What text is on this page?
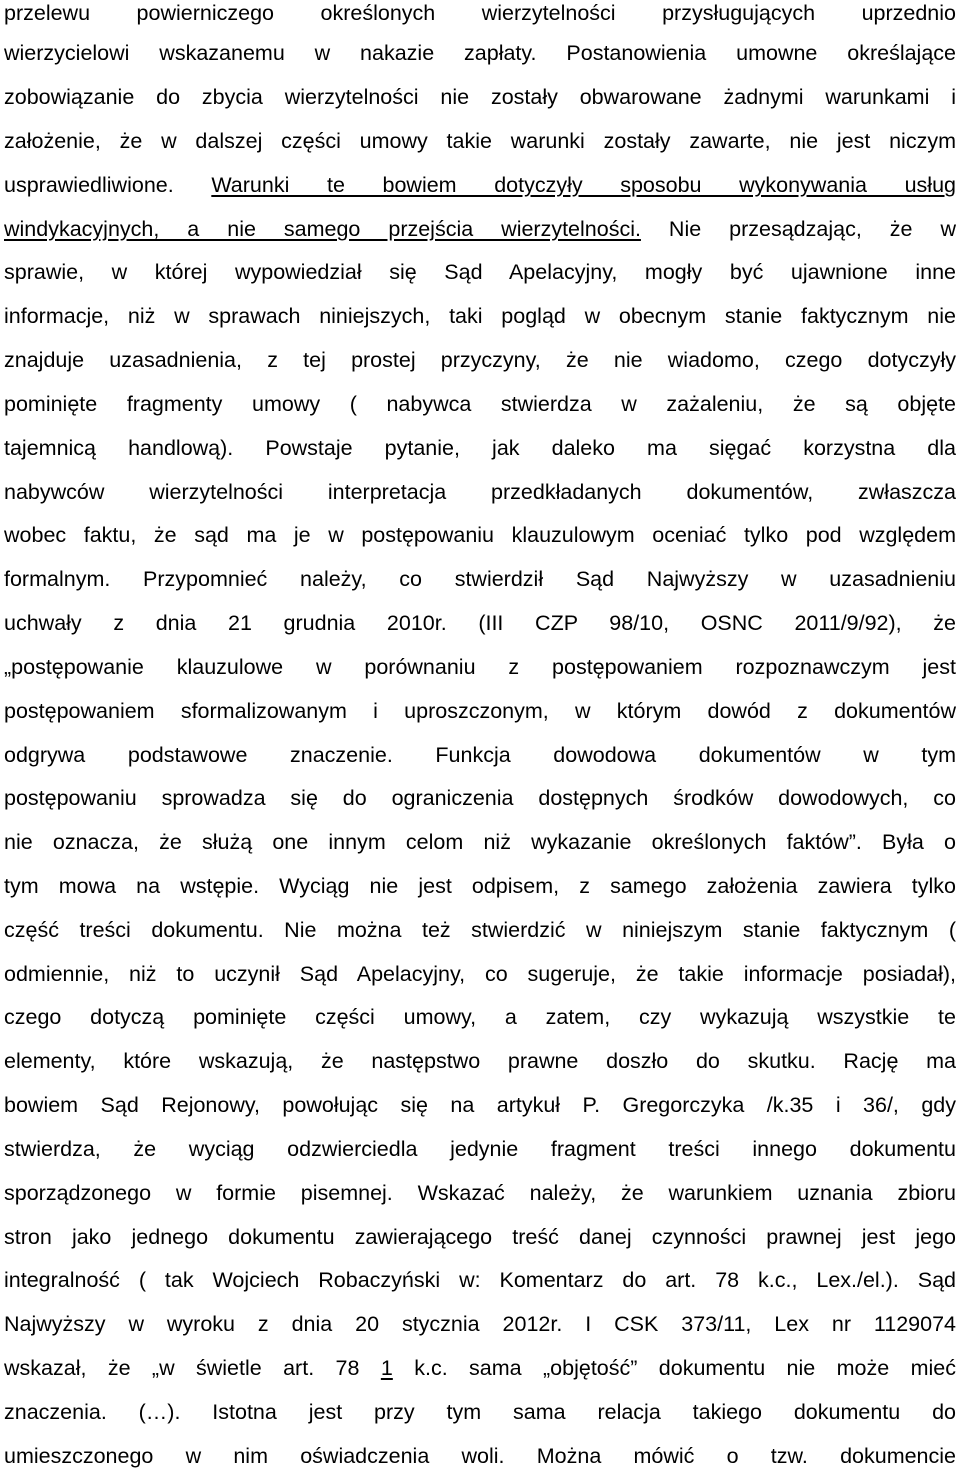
przelewu powierniczego określonych wierzytelności przysługujących uprzednio
wierzycielowi wskazanemu w nakazie zapłaty. Postanowienia umowne określające
zobowiązanie do zbycia wierzytelności nie zostały obwarowane żadnymi warunkami i
założenie, że w dalszej części umowy takie warunki zostały zawarte, nie jest niczym
usprawiedliwione. Warunki te bowiem dotyczyły sposobu wykonywania usług
windykacyjnych, a nie samego przejścia wierzytelności. Nie przesądzając, że w
sprawie, w której wypowiedział się Sąd Apelacyjny, mogły być ujawnione inne
informacje, niż w sprawach niniejszych, taki pogląd w obecnym stanie faktycznym nie
znajduje uzasadnienia, z tej prostej przyczyny, że nie wiadomo, czego dotyczyły
pominięte fragmenty umowy ( nabywca stwierdza w zażaleniu, że są objęte
tajemnicą handlową). Powstaje pytanie, jak daleko ma sięgać korzystna dla
nabywców wierzytelności interpretacja przedkładanych dokumentów, zwłaszcza
wobec faktu, że sąd ma je w postępowaniu klauzulowym oceniać tylko pod względem
formalnym. Przypomnieć należy, co stwierdził Sąd Najwyższy w uzasadnieniu
uchwały z dnia 21 grudnia 2010r. (III CZP 98/10, OSNC 2011/9/92), że
„postępowanie klauzulowe w porównaniu z postępowaniem rozpoznawczym jest
postępowaniem sformalizowanym i uproszczonym, w którym dowód z dokumentów
odgrywa podstawowe znaczenie. Funkcja dowodowa dokumentów w tym
postępowaniu sprowadza się do ograniczenia dostępnych środków dowodowych, co
nie oznacza, że służą one innym celom niż wykazanie określonych faktów”. Była o
tym mowa na wstępie. Wyciąg nie jest odpisem, z samego założenia zawiera tylko
część treści dokumentu. Nie można też stwierdzić w niniejszym stanie faktycznym (
odmiennie, niż to uczynił Sąd Apelacyjny, co sugeruje, że takie informacje posiadał),
czego dotyczą pominięte części umowy, a zatem, czy wykazują wszystkie te
elementy, które wskazują, że następstwo prawne doszło do skutku. Rację ma
bowiem Sąd Rejonowy, powołując się na artykuł P. Gregorczyka /k.35 i 36/, gdy
stwierdza, że wyciąg odzwierciedla jedynie fragment treści innego dokumentu
sporządzonego w formie pisemnej. Wskazać należy, że warunkiem uznania zbioru
stron jako jednego dokumentu zawierającego treść danej czynności prawnej jest jego
integralność ( tak Wojciech Robaczyński w: Komentarz do art. 78 k.c., Lex./el.). Sąd
Najwyższy w wyroku z dnia 20 stycznia 2012r. I CSK 373/11, Lex nr 1129074
wskazał, że „w świetle art. 78 1 k.c. sama „objętość” dokumentu nie może mieć
znaczenia. (…). Istotna jest przy tym sama relacja takiego dokumentu do
umieszczonego w nim oświadczenia woli. Można mówić o tzw. dokumencie
